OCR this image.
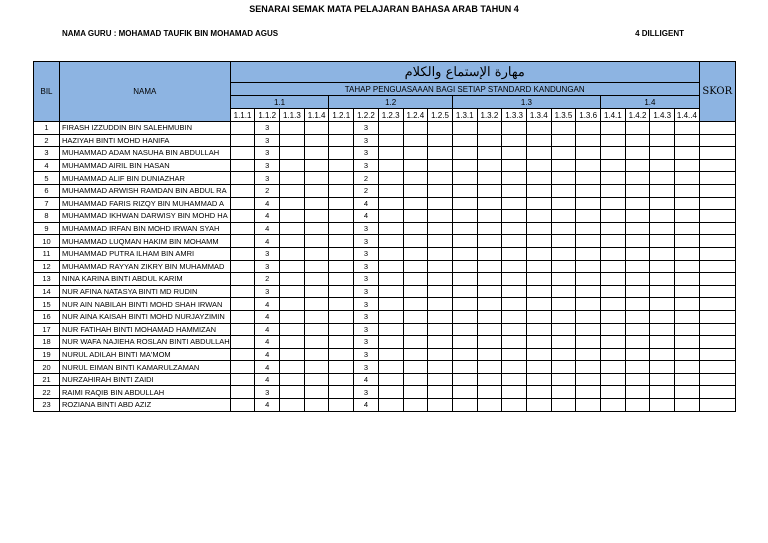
SENARAI SEMAK MATA PELAJARAN BAHASA ARAB TAHUN 4
NAMA GURU : MOHAMAD TAUFIK BIN MOHAMAD AGUS	4 DILLIGENT
BIL	NAMA	مهارة الإستماع والكلام																			SKOR
		TAHAP PENGUASAAAN BAGI SETIAP STANDARD KANDUNGAN																			
		1.1				1.2					1.3						1.4				
		1.1.1	1.1.2	1.1.3	1.1.4	1.2.1	1.2.2	1.2.3	1.2.4	1.2.5	1.3.1	1.3.2	1.3.3	1.3.4	1.3.5	1.3.6	1.4.1	1.4.2	1.4.3	1.4..4	
1	FIRASH IZZUDDIN BIN SALEHMUBIN		3				3														
2	HAZIYAH BINTI MOHD HANIFA		3				3														
3	MUHAMMAD ADAM NASUHA BIN ABDULLAH		3				3														
4	MUHAMMAD AIRIL BIN HASAN		3				3														
5	MUHAMMAD ALIF BIN DUNIAZHAR		3				2														
6	MUHAMMAD ARWISH RAMDAN BIN ABDUL RA		2				2														
7	MUHAMMAD FARIS RIZQY BIN MUHAMMAD A		4				4														
8	MUHAMMAD IKHWAN DARWISY BIN MOHD HA		4				4														
9	MUHAMMAD IRFAN BIN MOHD IRWAN SYAH		4				3														
10	MUHAMMAD LUQMAN HAKIM BIN MOHAMM		4				3														
11	MUHAMMAD PUTRA ILHAM BIN AMRI		3				3														
12	MUHAMMAD RAYYAN ZIKRY BIN MUHAMMAD		3				3														
13	NINA KARINA BINTI ABDUL KARIM		2				3														
14	NUR AFINA NATASYA BINTI MD RUDIN		3				3														
15	NUR AIN NABILAH BINTI MOHD SHAH IRWAN		4				3														
16	NUR AINA KAISAH BINTI MOHD NURJAYZIMIN		4				3														
17	NUR FATIHAH BINTI MOHAMAD HAMMIZAN		4				3														
18	NUR WAFA NAJIEHA ROSLAN BINTI ABDULLAH		4				3														
19	NURUL ADILAH BINTI MA'MOM		4				3														
20	NURUL EIMAN BINTI KAMARULZAMAN		4				3														
21	NURZAHIRAH BINTI ZAIDI		4				4														
22	RAIMI RAQIB BIN ABDULLAH		3				3														
23	ROZIANA BINTI ABD AZIZ		4				4														
